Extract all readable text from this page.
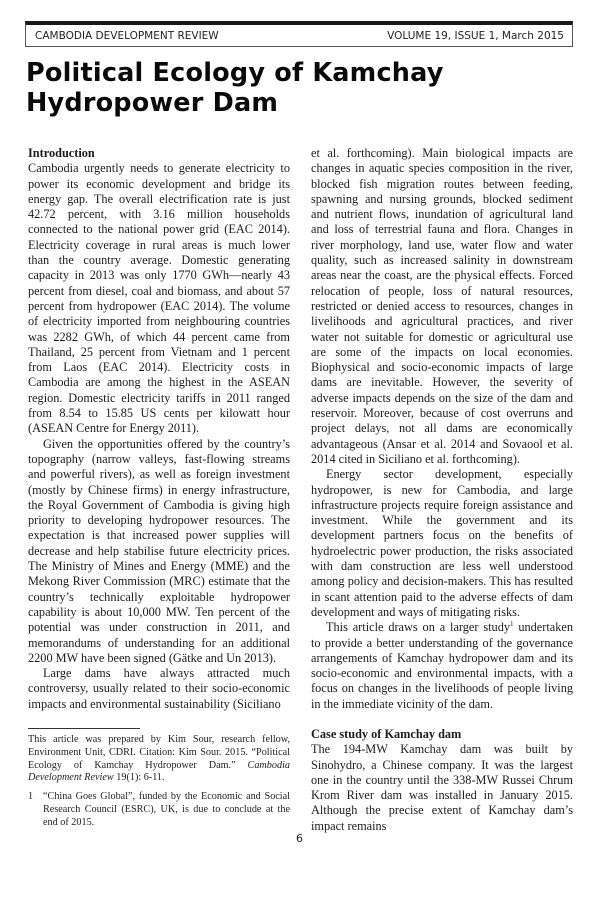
CAMBODIA DEVELOPMENT REVIEW	VOLUME 19, ISSUE 1, March 2015
Political Ecology of Kamchay Hydropower Dam
Introduction

Cambodia urgently needs to generate electricity to power its economic development and bridge its energy gap. The overall electrification rate is just 42.72 percent, with 3.16 million households connected to the national power grid (EAC 2014). Electricity coverage in rural areas is much lower than the country average. Domestic generating capacity in 2013 was only 1770 GWh—nearly 43 percent from diesel, coal and biomass, and about 57 percent from hydropower (EAC 2014). The volume of electricity imported from neighbouring countries was 2282 GWh, of which 44 percent came from Thailand, 25 percent from Vietnam and 1 percent from Laos (EAC 2014). Electricity costs in Cambodia are among the highest in the ASEAN region. Domestic electricity tariffs in 2011 ranged from 8.54 to 15.85 US cents per kilowatt hour (ASEAN Centre for Energy 2011).

Given the opportunities offered by the country’s topography (narrow valleys, fast-flowing streams and powerful rivers), as well as foreign investment (mostly by Chinese firms) in energy infrastructure, the Royal Government of Cambodia is giving high priority to developing hydropower resources. The expectation is that increased power supplies will decrease and help stabilise future electricity prices. The Ministry of Mines and Energy (MME) and the Mekong River Commission (MRC) estimate that the country’s technically exploitable hydropower capability is about 10,000 MW. Ten percent of the potential was under construction in 2011, and memorandums of understanding for an additional 2200 MW have been signed (Gätke and Un 2013).

Large dams have always attracted much controversy, usually related to their socio-economic impacts and environmental sustainability (Siciliano

et al. forthcoming). Main biological impacts are changes in aquatic species composition in the river, blocked fish migration routes between feeding, spawning and nursing grounds, blocked sediment and nutrient flows, inundation of agricultural land and loss of terrestrial fauna and flora. Changes in river morphology, land use, water flow and water quality, such as increased salinity in downstream areas near the coast, are the physical effects. Forced relocation of people, loss of natural resources, restricted or denied access to resources, changes in livelihoods and agricultural practices, and river water not suitable for domestic or agricultural use are some of the impacts on local economies. Biophysical and socio-economic impacts of large dams are inevitable. However, the severity of adverse impacts depends on the size of the dam and reservoir. Moreover, because of cost overruns and project delays, not all dams are economically advantageous (Ansar et al. 2014 and Sovaool et al. 2014 cited in Siciliano et al. forthcoming).

Energy sector development, especially hydropower, is new for Cambodia, and large infrastructure projects require foreign assistance and investment. While the government and its development partners focus on the benefits of hydroelectric power production, the risks associated with dam construction are less well understood among policy and decision-makers. This has resulted in scant attention paid to the adverse effects of dam development and ways of mitigating risks.

This article draws on a larger study$^1$ undertaken to provide a better understanding of the governance arrangements of Kamchay hydropower dam and its socio-economic and environmental impacts, with a focus on changes in the livelihoods of people living in the immediate vicinity of the dam.

Case study of Kamchay dam

The 194-MW Kamchay dam was built by Sinohydro, a Chinese company. It was the largest one in the country until the 338-MW Russei Chrum Krom River dam was installed in January 2015. Although the precise extent of Kamchay dam’s impact remains

This article was prepared by Kim Sour, research fellow, Environment Unit, CDRI. Citation: Kim Sour. 2015. “Political Ecology of Kamchay Hydropower Dam.” Cambodia Development Review 19(1): 6-11.

1 “China Goes Global”, funded by the Economic and Social Research Council (ESRC), UK, is due to conclude at the end of 2015.
6
